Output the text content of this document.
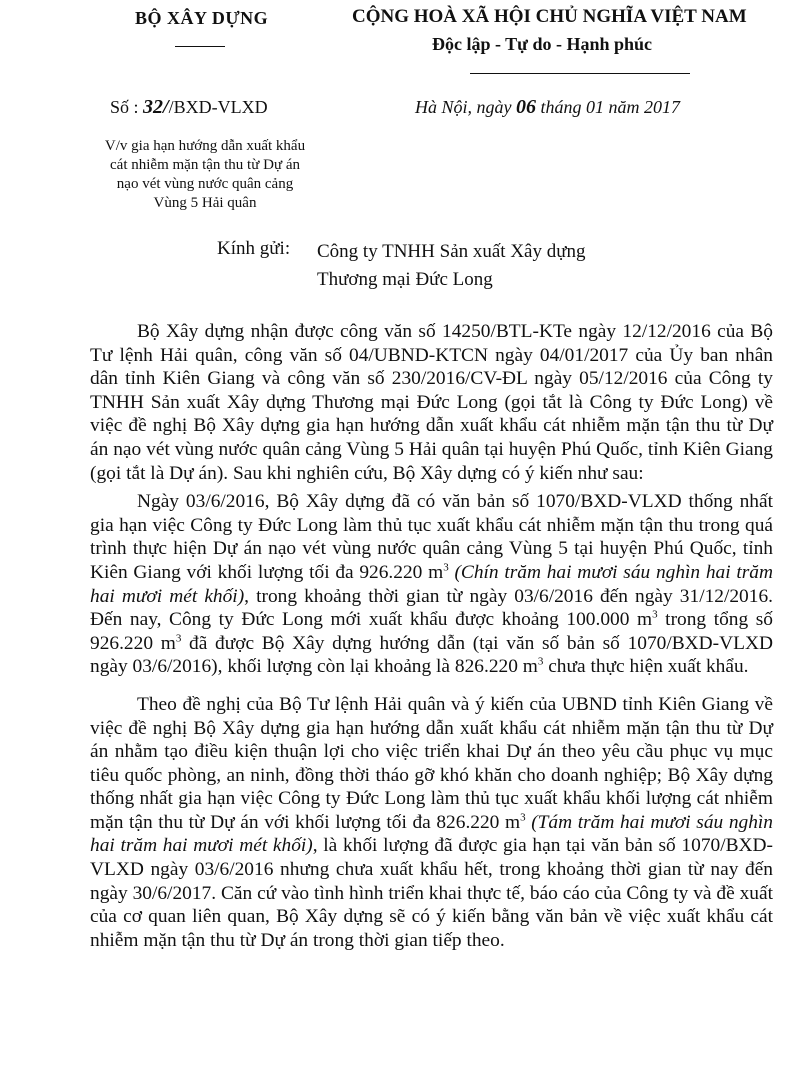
BỘ XÂY DỰNG	CỘNG HOÀ XÃ HỘI CHỦ NGHĨA VIỆT NAM
Độc lập - Tự do - Hạnh phúc
Số : 32//BXD-VLXD	Hà Nội, ngày 06 tháng 01 năm 2017
V/v gia hạn hướng dẫn xuất khẩu
cát nhiễm mặn tận thu từ Dự án
nạo vét vùng nước quân cảng
Vùng 5 Hải quân
Kính gửi: Công ty TNHH Sản xuất Xây dựng
Thương mại Đức Long

Bộ Xây dựng nhận được công văn số 14250/BTL-KTe ngày 12/12/2016 của Bộ Tư lệnh Hải quân, công văn số 04/UBND-KTCN ngày 04/01/2017 của Ủy ban nhân dân tỉnh Kiên Giang và công văn số 230/2016/CV-ĐL ngày 05/12/2016 của Công ty TNHH Sản xuất Xây dựng Thương mại Đức Long (gọi tắt là Công ty Đức Long) về việc đề nghị Bộ Xây dựng gia hạn hướng dẫn xuất khẩu cát nhiễm mặn tận thu từ Dự án nạo vét vùng nước quân cảng Vùng 5 Hải quân tại huyện Phú Quốc, tỉnh Kiên Giang (gọi tắt là Dự án). Sau khi nghiên cứu, Bộ Xây dựng có ý kiến như sau:

Ngày 03/6/2016, Bộ Xây dựng đã có văn bản số 1070/BXD-VLXD thống nhất gia hạn việc Công ty Đức Long làm thủ tục xuất khẩu cát nhiễm mặn tận thu trong quá trình thực hiện Dự án nạo vét vùng nước quân cảng Vùng 5 tại huyện Phú Quốc, tỉnh Kiên Giang với khối lượng tối đa 926.220 $m^3$ (Chín trăm hai mươi sáu nghìn hai trăm hai mươi mét khối), trong khoảng thời gian từ ngày 03/6/2016 đến ngày 31/12/2016. Đến nay, Công ty Đức Long mới xuất khẩu được khoảng 100.000 $m^3$ trong tổng số 926.220 $m^3$ đã được Bộ Xây dựng hướng dẫn (tại văn số bản số 1070/BXD-VLXD ngày 03/6/2016), khối lượng còn lại khoảng là 826.220 $m^3$ chưa thực hiện xuất khẩu.

Theo đề nghị của Bộ Tư lệnh Hải quân và ý kiến của UBND tỉnh Kiên Giang về việc đề nghị Bộ Xây dựng gia hạn hướng dẫn xuất khẩu cát nhiễm mặn tận thu từ Dự án nhằm tạo điều kiện thuận lợi cho việc triển khai Dự án theo yêu cầu phục vụ mục tiêu quốc phòng, an ninh, đồng thời tháo gỡ khó khăn cho doanh nghiệp; Bộ Xây dựng thống nhất gia hạn việc Công ty Đức Long làm thủ tục xuất khẩu khối lượng cát nhiễm mặn tận thu từ Dự án với khối lượng tối đa 826.220 $m^3$ (Tám trăm hai mươi sáu nghìn hai trăm hai mươi mét khối), là khối lượng đã được gia hạn tại văn bản số 1070/BXD-VLXD ngày 03/6/2016 nhưng chưa xuất khẩu hết, trong khoảng thời gian từ nay đến ngày 30/6/2017. Căn cứ vào tình hình triển khai thực tế, báo cáo của Công ty và đề xuất của cơ quan liên quan, Bộ Xây dựng sẽ có ý kiến bằng văn bản về việc xuất khẩu cát nhiễm mặn tận thu từ Dự án trong thời gian tiếp theo.
